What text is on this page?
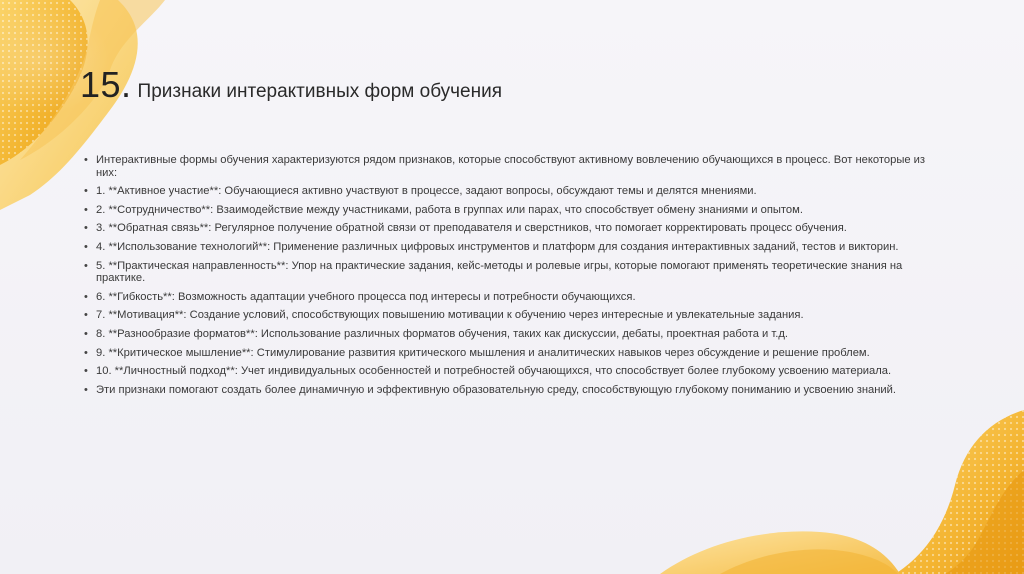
15. Признаки интерактивных форм обучения
• Интерактивные формы обучения характеризуются рядом признаков, которые способствуют активному вовлечению обучающихся в процесс. Вот некоторые из них:
• 1. **Активное участие**: Обучающиеся активно участвуют в процессе, задают вопросы, обсуждают темы и делятся мнениями.
• 2. **Сотрудничество**: Взаимодействие между участниками, работа в группах или парах, что способствует обмену знаниями и опытом.
• 3. **Обратная связь**: Регулярное получение обратной связи от преподавателя и сверстников, что помогает корректировать процесс обучения.
• 4. **Использование технологий**: Применение различных цифровых инструментов и платформ для создания интерактивных заданий, тестов и викторин.
• 5. **Практическая направленность**: Упор на практические задания, кейс-методы и ролевые игры, которые помогают применять теоретические знания на практике.
• 6. **Гибкость**: Возможность адаптации учебного процесса под интересы и потребности обучающихся.
• 7. **Мотивация**: Создание условий, способствующих повышению мотивации к обучению через интересные и увлекательные задания.
• 8. **Разнообразие форматов**: Использование различных форматов обучения, таких как дискуссии, дебаты, проектная работа и т.д.
• 9. **Критическое мышление**: Стимулирование развития критического мышления и аналитических навыков через обсуждение и решение проблем.
• 10. **Личностный подход**: Учет индивидуальных особенностей и потребностей обучающихся, что способствует более глубокому усвоению материала.
• Эти признаки помогают создать более динамичную и эффективную образовательную среду, способствующую глубокому пониманию и усвоению знаний.
